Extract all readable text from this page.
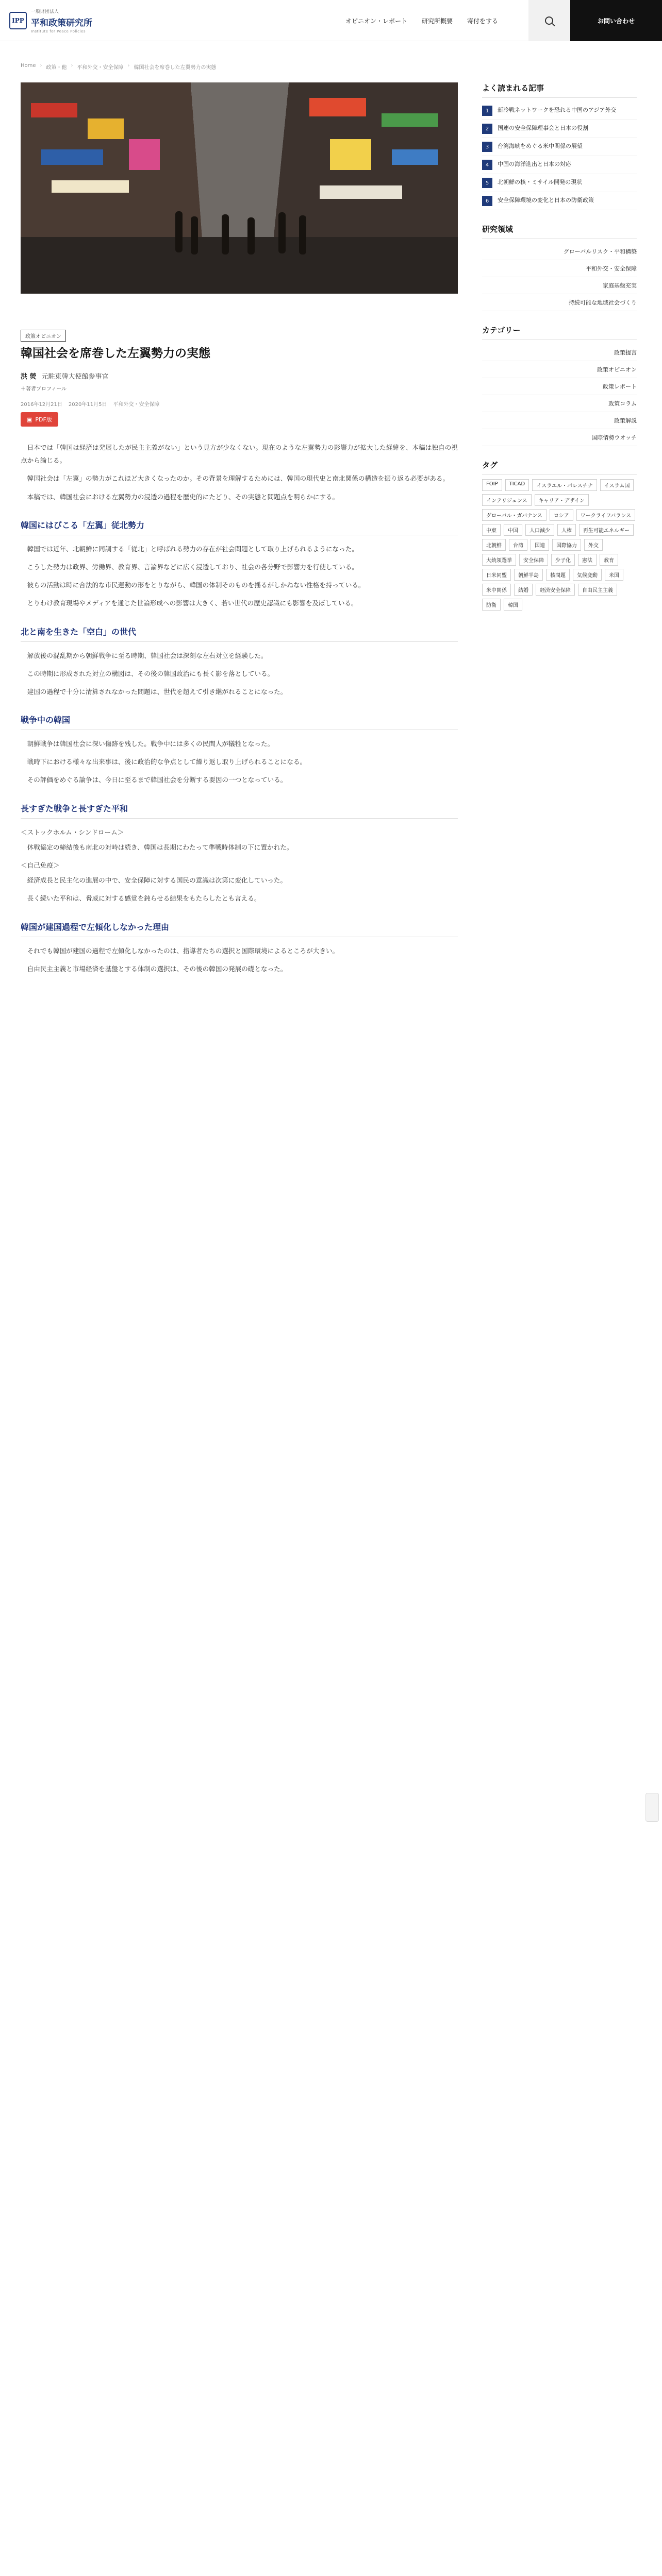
IPP
一般財団法人
平和政策研究所
Institute for Peace Policies
オピニオン・レポート 研究所概要 寄付をする	お問い合わせ
Home › 政策・他 › 平和外交・安全保障 › 韓国社会を席巻した左翼勢力の実態
政策オピニオン
韓国社会を席巻した左翼勢力の実態
洪 熒 元駐東韓大使館参事官
＋著者プロフィール
2016年12月21日 2020年11月5日 平和外交・安全保障
▣ PDF版

日本では「韓国は経済は発展したが民主主義がない」という見方が少なくない。現在のような左翼勢力の影響力が拡大した経緯を、本稿は独自の視点から論じる。

韓国社会は「左翼」の勢力がこれほど大きくなったのか。その背景を理解するためには、韓国の現代史と南北関係の構造を振り返る必要がある。

本稿では、韓国社会における左翼勢力の浸透の過程を歴史的にたどり、その実態と問題点を明らかにする。

韓国にはびこる「左翼」従北勢力

韓国では近年、北朝鮮に同調する「従北」と呼ばれる勢力の存在が社会問題として取り上げられるようになった。

こうした勢力は政界、労働界、教育界、言論界などに広く浸透しており、社会の各分野で影響力を行使している。

彼らの活動は時に合法的な市民運動の形をとりながら、韓国の体制そのものを揺るがしかねない性格を持っている。

とりわけ教育現場やメディアを通じた世論形成への影響は大きく、若い世代の歴史認識にも影響を及ぼしている。

北と南を生きた「空白」の世代

解放後の混乱期から朝鮮戦争に至る時期、韓国社会は深刻な左右対立を経験した。

この時期に形成された対立の構図は、その後の韓国政治にも長く影を落としている。

建国の過程で十分に清算されなかった問題は、世代を超えて引き継がれることになった。

戦争中の韓国

朝鮮戦争は韓国社会に深い傷跡を残した。戦争中には多くの民間人が犠牲となった。

戦時下における様々な出来事は、後に政治的な争点として繰り返し取り上げられることになる。

その評価をめぐる論争は、今日に至るまで韓国社会を分断する要因の一つとなっている。

長すぎた戦争と長すぎた平和

＜ストックホルム・シンドローム＞

休戦協定の締結後も南北の対峙は続き、韓国は長期にわたって準戦時体制の下に置かれた。

＜自己免疫＞

経済成長と民主化の進展の中で、安全保障に対する国民の意識は次第に変化していった。

長く続いた平和は、脅威に対する感覚を鈍らせる結果をもたらしたとも言える。

韓国が建国過程で左傾化しなかった理由

それでも韓国が建国の過程で左傾化しなかったのは、指導者たちの選択と国際環境によるところが大きい。

自由民主主義と市場経済を基盤とする体制の選択は、その後の韓国の発展の礎となった。

よく読まれる記事
1	新冷戦ネットワークを恐れる中国のアジア外交
2	国連の安全保障理事会と日本の役割
3	台湾海峡をめぐる米中関係の展望
4	中国の海洋進出と日本の対応
5	北朝鮮の核・ミサイル開発の現状
6	安全保障環境の変化と日本の防衛政策
研究領域
グローバルリスク・平和構築
平和外交・安全保障
家庭基盤充実
持続可能な地域社会づくり
カテゴリー
政策提言
政策オピニオン
政策レポート
政策コラム
政策解説
国際情勢ウオッチ
タグ
FOIP	TICAD	イスラエル・パレスチナ	イスラム国
インテリジェンス	キャリア・デザイン
グローバル・ガバナンス	ロシア	ワークライフバランス
中東	中国	人口減少	人権	再生可能エネルギー
北朝鮮	台湾	国連	国際協力	外交
大統領選挙	安全保障	少子化	憲法	教育
日米同盟	朝鮮半島	核問題	気候変動	米国
米中関係	結婚	経済安全保障	自由民主主義
防衛	韓国
